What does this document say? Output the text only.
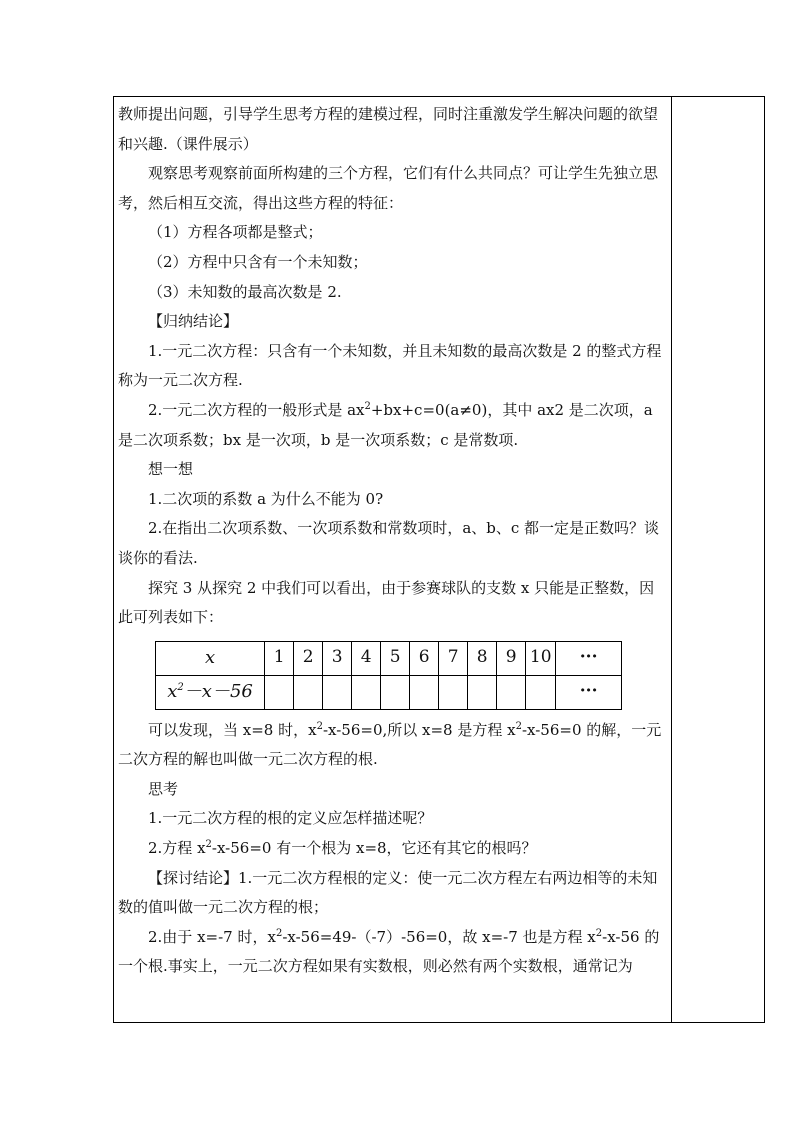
教师提出问题，引导学生思考方程的建模过程，同时注重激发学生解决问题的欲望和兴趣.（课件展示）

观察思考观察前面所构建的三个方程，它们有什么共同点？可让学生先独立思考，然后相互交流，得出这些方程的特征：

（1）方程各项都是整式；

（2）方程中只含有一个未知数；

（3）未知数的最高次数是 2.

【归纳结论】

1.一元二次方程：只含有一个未知数，并且未知数的最高次数是 2 的整式方程称为一元二次方程.

2.一元二次方程的一般形式是 $ax^2+bx+c=0(a\ne 0)$，其中 ax2 是二次项，a 是二次项系数；bx 是一次项，b 是一次项系数；c 是常数项.

想一想

1.二次项的系数 a 为什么不能为 0?

2.在指出二次项系数、一次项系数和常数项时，a、b、c 都一定是正数吗？谈谈你的看法.

探究 3 从探究 2 中我们可以看出，由于参赛球队的支数 x 只能是正整数，因此可列表如下：

x	1	2	3	4	5	6	7	8	9	10	···
$x^2-x-56$											···

可以发现，当 x=8 时，$x^2-x-56=0$,所以 x=8 是方程 $x^2-x-56=0$ 的解，一元二次方程的解也叫做一元二次方程的根.

思考

1.一元二次方程的根的定义应怎样描述呢？

2.方程 $x^2-x-56=0$ 有一个根为 x=8，它还有其它的根吗？

【探讨结论】1.一元二次方程根的定义：使一元二次方程左右两边相等的未知数的值叫做一元二次方程的根；

2.由于 x=-7 时，$x^2-x-56=49-(-7)-56=0$，故 x=-7 也是方程 $x^2-x-56$ 的一个根.事实上，一元二次方程如果有实数根，则必然有两个实数根，通常记为
